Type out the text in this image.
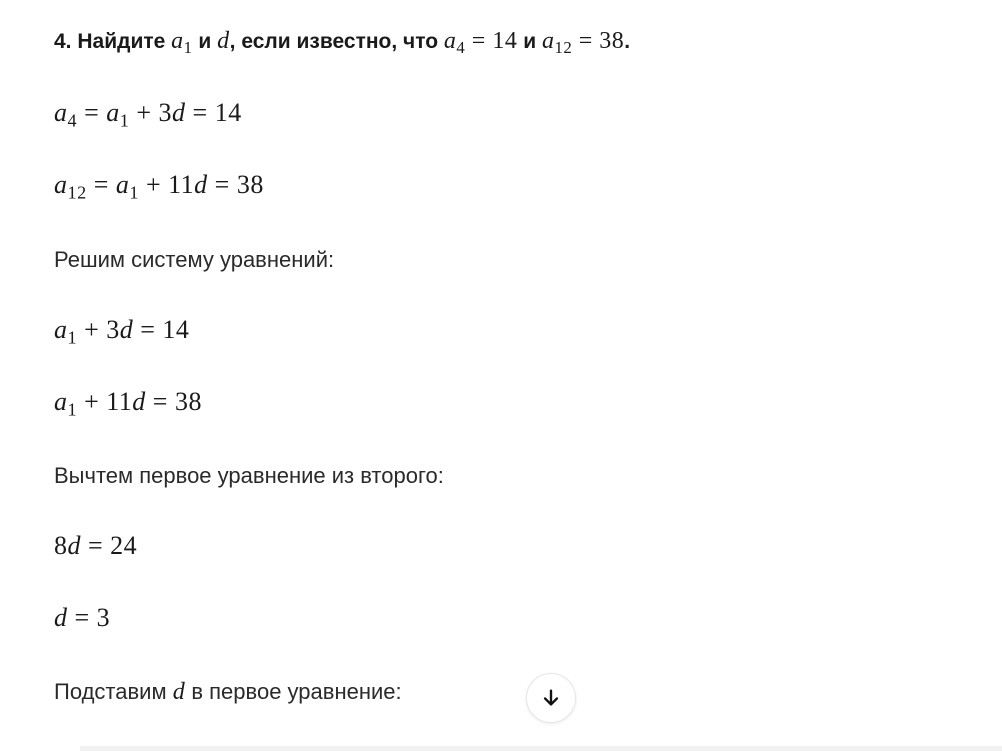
4. Найдите $a_1$ и d, если известно, что $a_4 = 14$ и $a_{12} = 38$.
$a_4 = a_1 + 3d = 14$
$a_{12} = a_1 + 11d = 38$
Решим систему уравнений:
$a_1 + 3d = 14$
$a_1 + 11d = 38$
Вычтем первое уравнение из второго:
8d = 24
d = 3
Подставим d в первое уравнение:
